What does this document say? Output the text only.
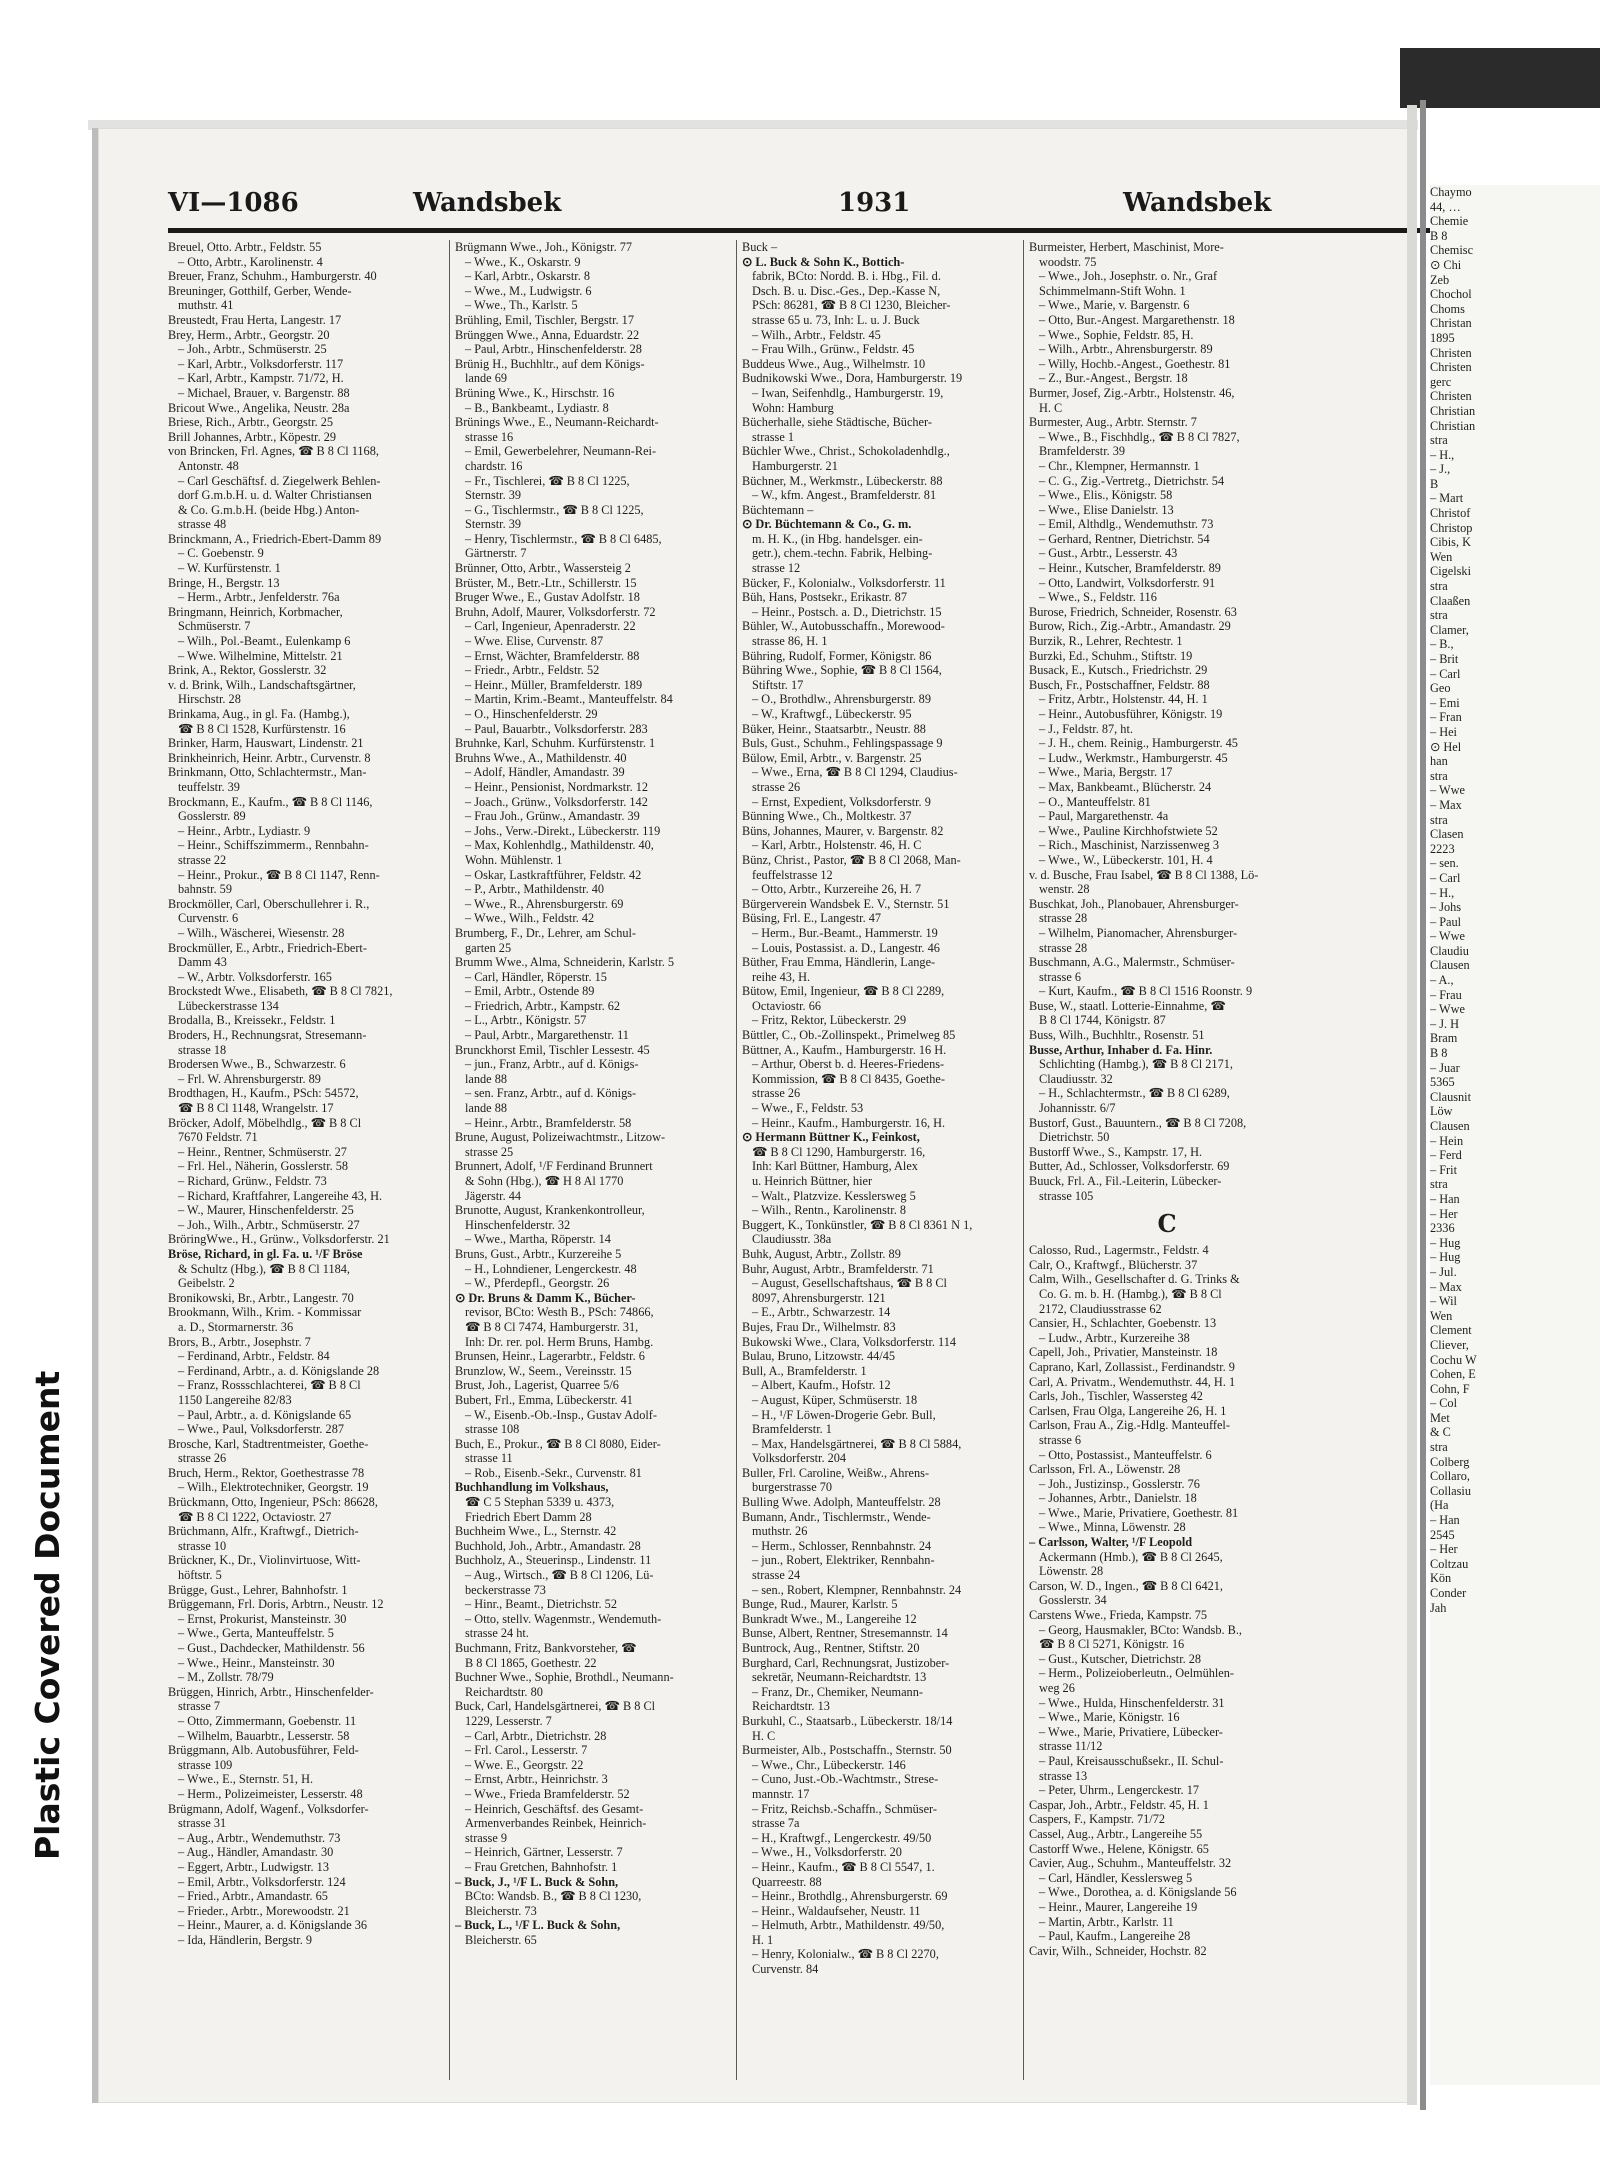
Plastic Covered Document
VI—1086	Wandsbek	1931	Wandsbek
Breuel, Otto. Arbtr., Feldstr. 55
– Otto, Arbtr., Karolinenstr. 4
Breuer, Franz, Schuhm., Hamburgerstr. 40
Breuninger, Gotthilf, Gerber, Wende-
muthstr. 41
Breustedt, Frau Herta, Langestr. 17
Brey, Herm., Arbtr., Georgstr. 20
– Joh., Arbtr., Schmüserstr. 25
– Karl, Arbtr., Volksdorferstr. 117
– Karl, Arbtr., Kampstr. 71/72, H.
– Michael, Brauer, v. Bargenstr. 88
Bricout Wwe., Angelika, Neustr. 28a
Briese, Rich., Arbtr., Georgstr. 25
Brill Johannes, Arbtr., Köpestr. 29
von Brincken, Frl. Agnes, ☎ B 8 Cl 1168,
Antonstr. 48
– Carl Geschäftsf. d. Ziegelwerk Behlen-
dorf G.m.b.H. u. d. Walter Christiansen
& Co. G.m.b.H. (beide Hbg.) Anton-
strasse 48
Brinckmann, A., Friedrich-Ebert-Damm 89
– C. Goebenstr. 9
– W. Kurfürstenstr. 1
Bringe, H., Bergstr. 13
– Herm., Arbtr., Jenfelderstr. 76a
Bringmann, Heinrich, Korbmacher,
Schmüserstr. 7
– Wilh., Pol.-Beamt., Eulenkamp 6
– Wwe. Wilhelmine, Mittelstr. 21
Brink, A., Rektor, Gosslerstr. 32
v. d. Brink, Wilh., Landschaftsgärtner,
Hirschstr. 28
Brinkama, Aug., in gl. Fa. (Hambg.),
☎ B 8 Cl 1528, Kurfürstenstr. 16
Brinker, Harm, Hauswart, Lindenstr. 21
Brinkheinrich, Heinr. Arbtr., Curvenstr. 8
Brinkmann, Otto, Schlachtermstr., Man-
teuffelstr. 39
Brockmann, E., Kaufm., ☎ B 8 Cl 1146,
Gosslerstr. 89
– Heinr., Arbtr., Lydiastr. 9
– Heinr., Schiffszimmerm., Rennbahn-
strasse 22
– Heinr., Prokur., ☎ B 8 Cl 1147, Renn-
bahnstr. 59
Brockmöller, Carl, Oberschullehrer i. R.,
Curvenstr. 6
– Wilh., Wäscherei, Wiesenstr. 28
Brockmüller, E., Arbtr., Friedrich-Ebert-
Damm 43
– W., Arbtr. Volksdorferstr. 165
Brockstedt Wwe., Elisabeth, ☎ B 8 Cl 7821,
Lübeckerstrasse 134
Brodalla, B., Kreissekr., Feldstr. 1
Broders, H., Rechnungsrat, Stresemann-
strasse 18
Brodersen Wwe., B., Schwarzestr. 6
– Frl. W. Ahrensburgerstr. 89
Brodthagen, H., Kaufm., PSch: 54572,
☎ B 8 Cl 1148, Wrangelstr. 17
Bröcker, Adolf, Möbelhdlg., ☎ B 8 Cl
7670 Feldstr. 71
– Heinr., Rentner, Schmüserstr. 27
– Frl. Hel., Näherin, Gosslerstr. 58
– Richard, Grünw., Feldstr. 73
– Richard, Kraftfahrer, Langereihe 43, H.
– W., Maurer, Hinschenfelderstr. 25
– Joh., Wilh., Arbtr., Schmüserstr. 27
BröringWwe., H., Grünw., Volksdorferstr. 21
Bröse, Richard, in gl. Fa. u. ¹/F Bröse
& Schultz (Hbg.), ☎ B 8 Cl 1184,
Geibelstr. 2
Bronikowski, Br., Arbtr., Langestr. 70
Brookmann, Wilh., Krim. - Kommissar
a. D., Stormarnerstr. 36
Brors, B., Arbtr., Josephstr. 7
– Ferdinand, Arbtr., Feldstr. 84
– Ferdinand, Arbtr., a. d. Königslande 28
– Franz, Rossschlachterei, ☎ B 8 Cl
1150 Langereihe 82/83
– Paul, Arbtr., a. d. Königslande 65
– Wwe., Paul, Volksdorferstr. 287
Brosche, Karl, Stadtrentmeister, Goethe-
strasse 26
Bruch, Herm., Rektor, Goethestrasse 78
– Wilh., Elektrotechniker, Georgstr. 19
Brückmann, Otto, Ingenieur, PSch: 86628,
☎ B 8 Cl 1222, Octaviostr. 27
Brüchmann, Alfr., Kraftwgf., Dietrich-
strasse 10
Brückner, K., Dr., Violinvirtuose, Witt-
höftstr. 5
Brügge, Gust., Lehrer, Bahnhofstr. 1
Brüggemann, Frl. Doris, Arbtrn., Neustr. 12
– Ernst, Prokurist, Mansteinstr. 30
– Wwe., Gerta, Manteuffelstr. 5
– Gust., Dachdecker, Mathildenstr. 56
– Wwe., Heinr., Mansteinstr. 30
– M., Zollstr. 78/79
Brüggen, Hinrich, Arbtr., Hinschenfelder-
strasse 7
– Otto, Zimmermann, Goebenstr. 11
– Wilhelm, Bauarbtr., Lesserstr. 58
Brüggmann, Alb. Autobusführer, Feld-
strasse 109
– Wwe., E., Sternstr. 51, H.
– Herm., Polizeimeister, Lesserstr. 48
Brügmann, Adolf, Wagenf., Volksdorfer-
strasse 31
– Aug., Arbtr., Wendemuthstr. 73
– Aug., Händler, Amandastr. 30
– Eggert, Arbtr., Ludwigstr. 13
– Emil, Arbtr., Volksdorferstr. 124
– Fried., Arbtr., Amandastr. 65
– Frieder., Arbtr., Morewoodstr. 21
– Heinr., Maurer, a. d. Königslande 36
– Ida, Händlerin, Bergstr. 9
Brügmann Wwe., Joh., Königstr. 77
– Wwe., K., Oskarstr. 9
– Karl, Arbtr., Oskarstr. 8
– Wwe., M., Ludwigstr. 6
– Wwe., Th., Karlstr. 5
Brühling, Emil, Tischler, Bergstr. 17
Brünggen Wwe., Anna, Eduardstr. 22
– Paul, Arbtr., Hinschenfelderstr. 28
Brünig H., Buchhltr., auf dem Königs-
lande 69
Brüning Wwe., K., Hirschstr. 16
– B., Bankbeamt., Lydiastr. 8
Brünings Wwe., E., Neumann-Reichardt-
strasse 16
– Emil, Gewerbelehrer, Neumann-Rei-
chardstr. 16
– Fr., Tischlerei, ☎ B 8 Cl 1225,
Sternstr. 39
– G., Tischlermstr., ☎ B 8 Cl 1225,
Sternstr. 39
– Henry, Tischlermstr., ☎ B 8 Cl 6485,
Gärtnerstr. 7
Brünner, Otto, Arbtr., Wassersteig 2
Brüster, M., Betr.-Ltr., Schillerstr. 15
Bruger Wwe., E., Gustav Adolfstr. 18
Bruhn, Adolf, Maurer, Volksdorferstr. 72
– Carl, Ingenieur, Apenraderstr. 22
– Wwe. Elise, Curvenstr. 87
– Ernst, Wächter, Bramfelderstr. 88
– Friedr., Arbtr., Feldstr. 52
– Heinr., Müller, Bramfelderstr. 189
– Martin, Krim.-Beamt., Manteuffelstr. 84
– O., Hinschenfelderstr. 29
– Paul, Bauarbtr., Volksdorferstr. 283
Bruhnke, Karl, Schuhm. Kurfürstenstr. 1
Bruhns Wwe., A., Mathildenstr. 40
– Adolf, Händler, Amandastr. 39
– Heinr., Pensionist, Nordmarkstr. 12
– Joach., Grünw., Volksdorferstr. 142
– Frau Joh., Grünw., Amandastr. 39
– Johs., Verw.-Direkt., Lübeckerstr. 119
– Max, Kohlenhdlg., Mathildenstr. 40,
Wohn. Mühlenstr. 1
– Oskar, Lastkraftführer, Feldstr. 42
– P., Arbtr., Mathildenstr. 40
– Wwe., R., Ahrensburgerstr. 69
– Wwe., Wilh., Feldstr. 42
Brumberg, F., Dr., Lehrer, am Schul-
garten 25
Brumm Wwe., Alma, Schneiderin, Karlstr. 5
– Carl, Händler, Röperstr. 15
– Emil, Arbtr., Ostende 89
– Friedrich, Arbtr., Kampstr. 62
– L., Arbtr., Königstr. 57
– Paul, Arbtr., Margarethenstr. 11
Brunckhorst Emil, Tischler Lessestr. 45
– jun., Franz, Arbtr., auf d. Königs-
lande 88
– sen. Franz, Arbtr., auf d. Königs-
lande 88
– Heinr., Arbtr., Bramfelderstr. 58
Brune, August, Polizeiwachtmstr., Litzow-
strasse 25
Brunnert, Adolf, ¹/F Ferdinand Brunnert
& Sohn (Hbg.), ☎ H 8 Al 1770
Jägerstr. 44
Brunotte, August, Krankenkontrolleur,
Hinschenfelderstr. 32
– Wwe., Martha, Röperstr. 14
Bruns, Gust., Arbtr., Kurzereihe 5
– H., Lohndiener, Lengerckestr. 48
– W., Pferdepfl., Georgstr. 26
⊙ Dr. Bruns & Damm K., Bücher-
revisor, BCto: Westh B., PSch: 74866,
☎ B 8 Cl 7474, Hamburgerstr. 31,
Inh: Dr. rer. pol. Herm Bruns, Hambg.
Brunsen, Heinr., Lagerarbtr., Feldstr. 6
Brunzlow, W., Seem., Vereinsstr. 15
Brust, Joh., Lagerist, Quarree 5/6
Bubert, Frl., Emma, Lübeckerstr. 41
– W., Eisenb.-Ob.-Insp., Gustav Adolf-
strasse 108
Buch, E., Prokur., ☎ B 8 Cl 8080, Eider-
strasse 11
– Rob., Eisenb.-Sekr., Curvenstr. 81
Buchhandlung im Volkshaus,
☎ C 5 Stephan 5339 u. 4373,
Friedrich Ebert Damm 28
Buchheim Wwe., L., Sternstr. 42
Buchhold, Joh., Arbtr., Amandastr. 28
Buchholz, A., Steuerinsp., Lindenstr. 11
– Aug., Wirtsch., ☎ B 8 Cl 1206, Lü-
beckerstrasse 73
– Hinr., Beamt., Dietrichstr. 52
– Otto, stellv. Wagenmstr., Wendemuth-
strasse 24 ht.
Buchmann, Fritz, Bankvorsteher, ☎
B 8 Cl 1865, Goethestr. 22
Buchner Wwe., Sophie, Brothdl., Neumann-
Reichardtstr. 80
Buck, Carl, Handelsgärtnerei, ☎ B 8 Cl
1229, Lesserstr. 7
– Carl, Arbtr., Dietrichstr. 28
– Frl. Carol., Lesserstr. 7
– Wwe. E., Georgstr. 22
– Ernst, Arbtr., Heinrichstr. 3
– Wwe., Frieda Bramfelderstr. 52
– Heinrich, Geschäftsf. des Gesamt-
Armenverbandes Reinbek, Heinrich-
strasse 9
– Heinrich, Gärtner, Lesserstr. 7
– Frau Gretchen, Bahnhofstr. 1
– Buck, J., ¹/F L. Buck & Sohn,
BCto: Wandsb. B., ☎ B 8 Cl 1230,
Bleicherstr. 73
– Buck, L., ¹/F L. Buck & Sohn,
Bleicherstr. 65
Buck –
⊙ L. Buck & Sohn K., Bottich-
fabrik, BCto: Nordd. B. i. Hbg., Fil. d.
Dsch. B. u. Disc.-Ges., Dep.-Kasse N,
PSch: 86281, ☎ B 8 Cl 1230, Bleicher-
strasse 65 u. 73, Inh: L. u. J. Buck
– Wilh., Arbtr., Feldstr. 45
– Frau Wilh., Grünw., Feldstr. 45
Buddeus Wwe., Aug., Wilhelmstr. 10
Budnikowski Wwe., Dora, Hamburgerstr. 19
– Iwan, Seifenhdlg., Hamburgerstr. 19,
Wohn: Hamburg
Bücherhalle, siehe Städtische, Bücher-
strasse 1
Büchler Wwe., Christ., Schokoladenhdlg.,
Hamburgerstr. 21
Büchner, M., Werkmstr., Lübeckerstr. 88
– W., kfm. Angest., Bramfelderstr. 81
Büchtemann –
⊙ Dr. Büchtemann & Co., G. m.
m. H. K., (in Hbg. handelsger. ein-
getr.), chem.-techn. Fabrik, Helbing-
strasse 12
Bücker, F., Kolonialw., Volksdorferstr. 11
Büh, Hans, Postsekr., Erikastr. 87
– Heinr., Postsch. a. D., Dietrichstr. 15
Bühler, W., Autobusschaffn., Morewood-
strasse 86, H. 1
Bühring, Rudolf, Former, Königstr. 86
Bühring Wwe., Sophie, ☎ B 8 Cl 1564,
Stiftstr. 17
– O., Brothdlw., Ahrensburgerstr. 89
– W., Kraftwgf., Lübeckerstr. 95
Büker, Heinr., Staatsarbtr., Neustr. 88
Buls, Gust., Schuhm., Fehlingspassage 9
Bülow, Emil, Arbtr., v. Bargenstr. 25
– Wwe., Erna, ☎ B 8 Cl 1294, Claudius-
strasse 26
– Ernst, Expedient, Volksdorferstr. 9
Bünning Wwe., Ch., Moltkestr. 37
Büns, Johannes, Maurer, v. Bargenstr. 82
– Karl, Arbtr., Holstenstr. 46, H. C
Bünz, Christ., Pastor, ☎ B 8 Cl 2068, Man-
feuffelstrasse 12
– Otto, Arbtr., Kurzereihe 26, H. 7
Bürgerverein Wandsbek E. V., Sternstr. 51
Büsing, Frl. E., Langestr. 47
– Herm., Bur.-Beamt., Hammerstr. 19
– Louis, Postassist. a. D., Langestr. 46
Büther, Frau Emma, Händlerin, Lange-
reihe 43, H.
Bütow, Emil, Ingenieur, ☎ B 8 Cl 2289,
Octaviostr. 66
– Fritz, Rektor, Lübeckerstr. 29
Büttler, C., Ob.-Zollinspekt., Primelweg 85
Büttner, A., Kaufm., Hamburgerstr. 16 H.
– Arthur, Oberst b. d. Heeres-Friedens-
Kommission, ☎ B 8 Cl 8435, Goethe-
strasse 26
– Wwe., F., Feldstr. 53
– Heinr., Kaufm., Hamburgerstr. 16, H.
⊙ Hermann Büttner K., Feinkost,
☎ B 8 Cl 1290, Hamburgerstr. 16,
Inh: Karl Büttner, Hamburg, Alex
u. Heinrich Büttner, hier
– Walt., Platzvize. Kesslersweg 5
– Wilh., Rentn., Karolinenstr. 8
Buggert, K., Tonkünstler, ☎ B 8 Cl 8361 N 1,
Claudiusstr. 38a
Buhk, August, Arbtr., Zollstr. 89
Buhr, August, Arbtr., Bramfelderstr. 71
– August, Gesellschaftshaus, ☎ B 8 Cl
8097, Ahrensburgerstr. 121
– E., Arbtr., Schwarzestr. 14
Bujes, Frau Dr., Wilhelmstr. 83
Bukowski Wwe., Clara, Volksdorferstr. 114
Bulau, Bruno, Litzowstr. 44/45
Bull, A., Bramfelderstr. 1
– Albert, Kaufm., Hofstr. 12
– August, Küper, Schmüserstr. 18
– H., ¹/F Löwen-Drogerie Gebr. Bull,
Bramfelderstr. 1
– Max, Handelsgärtnerei, ☎ B 8 Cl 5884,
Volksdorferstr. 204
Buller, Frl. Caroline, Weißw., Ahrens-
burgerstrasse 70
Bulling Wwe. Adolph, Manteuffelstr. 28
Bumann, Andr., Tischlermstr., Wende-
muthstr. 26
– Herm., Schlosser, Rennbahnstr. 24
– jun., Robert, Elektriker, Rennbahn-
strasse 24
– sen., Robert, Klempner, Rennbahnstr. 24
Bunge, Rud., Maurer, Karlstr. 5
Bunkradt Wwe., M., Langereihe 12
Bunse, Albert, Rentner, Stresemannstr. 14
Buntrock, Aug., Rentner, Stiftstr. 20
Burghard, Carl, Rechnungsrat, Justizober-
sekretär, Neumann-Reichardtstr. 13
– Franz, Dr., Chemiker, Neumann-
Reichardtstr. 13
Burkuhl, C., Staatsarb., Lübeckerstr. 18/14
H. C
Burmeister, Alb., Postschaffn., Sternstr. 50
– Wwe., Chr., Lübeckerstr. 146
– Cuno, Just.-Ob.-Wachtmstr., Strese-
mannstr. 17
– Fritz, Reichsb.-Schaffn., Schmüser-
strasse 7a
– H., Kraftwgf., Lengerckestr. 49/50
– Wwe., H., Volksdorferstr. 20
– Heinr., Kaufm., ☎ B 8 Cl 5547, 1.
Quarreestr. 88
– Heinr., Brothdlg., Ahrensburgerstr. 69
– Heinr., Waldaufseher, Neustr. 11
– Helmuth, Arbtr., Mathildenstr. 49/50,
H. 1
– Henry, Kolonialw., ☎ B 8 Cl 2270,
Curvenstr. 84
Burmeister, Herbert, Maschinist, More-
woodstr. 75
– Wwe., Joh., Josephstr. o. Nr., Graf
Schimmelmann-Stift Wohn. 1
– Wwe., Marie, v. Bargenstr. 6
– Otto, Bur.-Angest. Margarethenstr. 18
– Wwe., Sophie, Feldstr. 85, H.
– Wilh., Arbtr., Ahrensburgerstr. 89
– Willy, Hochb.-Angest., Goethestr. 81
– Z., Bur.-Angest., Bergstr. 18
Burmer, Josef, Zig.-Arbtr., Holstenstr. 46,
H. C
Burmester, Aug., Arbtr. Sternstr. 7
– Wwe., B., Fischhdlg., ☎ B 8 Cl 7827,
Bramfelderstr. 39
– Chr., Klempner, Hermannstr. 1
– C. G., Zig.-Vertretg., Dietrichstr. 54
– Wwe., Elis., Königstr. 58
– Wwe., Elise Danielstr. 13
– Emil, Althdlg., Wendemuthstr. 73
– Gerhard, Rentner, Dietrichstr. 54
– Gust., Arbtr., Lesserstr. 43
– Heinr., Kutscher, Bramfelderstr. 89
– Otto, Landwirt, Volksdorferstr. 91
– Wwe., S., Feldstr. 116
Burose, Friedrich, Schneider, Rosenstr. 63
Burow, Rich., Zig.-Arbtr., Amandastr. 29
Burzik, R., Lehrer, Rechtestr. 1
Burzki, Ed., Schuhm., Stiftstr. 19
Busack, E., Kutsch., Friedrichstr. 29
Busch, Fr., Postschaffner, Feldstr. 88
– Fritz, Arbtr., Holstenstr. 44, H. 1
– Heinr., Autobusführer, Königstr. 19
– J., Feldstr. 87, ht.
– J. H., chem. Reinig., Hamburgerstr. 45
– Ludw., Werkmstr., Hamburgerstr. 45
– Wwe., Maria, Bergstr. 17
– Max, Bankbeamt., Blücherstr. 24
– O., Manteuffelstr. 81
– Paul, Margarethenstr. 4a
– Wwe., Pauline Kirchhofstwiete 52
– Rich., Maschinist, Narzissenweg 3
– Wwe., W., Lübeckerstr. 101, H. 4
v. d. Busche, Frau Isabel, ☎ B 8 Cl 1388, Lö-
wenstr. 28
Buschkat, Joh., Planobauer, Ahrensburger-
strasse 28
– Wilhelm, Pianomacher, Ahrensburger-
strasse 28
Buschmann, A.G., Malermstr., Schmüser-
strasse 6
– Kurt, Kaufm., ☎ B 8 Cl 1516 Roonstr. 9
Buse, W., staatl. Lotterie-Einnahme, ☎
B 8 Cl 1744, Königstr. 87
Buss, Wilh., Buchhltr., Rosenstr. 51
Busse, Arthur, Inhaber d. Fa. Hinr.
Schlichting (Hambg.), ☎ B 8 Cl 2171,
Claudiusstr. 32
– H., Schlachtermstr., ☎ B 8 Cl 6289,
Johannisstr. 6/7
Bustorf, Gust., Bauuntern., ☎ B 8 Cl 7208,
Dietrichstr. 50
Bustorff Wwe., S., Kampstr. 17, H.
Butter, Ad., Schlosser, Volksdorferstr. 69
Buuck, Frl. A., Fil.-Leiterin, Lübecker-
strasse 105
C
Calosso, Rud., Lagermstr., Feldstr. 4
Calr, O., Kraftwgf., Blücherstr. 37
Calm, Wilh., Gesellschafter d. G. Trinks &
Co. G. m. b. H. (Hambg.), ☎ B 8 Cl
2172, Claudiusstrasse 62
Cansier, H., Schlachter, Goebenstr. 13
– Ludw., Arbtr., Kurzereihe 38
Capell, Joh., Privatier, Mansteinstr. 18
Caprano, Karl, Zollassist., Ferdinandstr. 9
Carl, A. Privatm., Wendemuthstr. 44, H. 1
Carls, Joh., Tischler, Wassersteg 42
Carlsen, Frau Olga, Langereihe 26, H. 1
Carlson, Frau A., Zig.-Hdlg. Manteuffel-
strasse 6
– Otto, Postassist., Manteuffelstr. 6
Carlsson, Frl. A., Löwenstr. 28
– Joh., Justizinsp., Gosslerstr. 76
– Johannes, Arbtr., Danielstr. 18
– Wwe., Marie, Privatiere, Goethestr. 81
– Wwe., Minna, Löwenstr. 28
– Carlsson, Walter, ¹/F Leopold
Ackermann (Hmb.), ☎ B 8 Cl 2645,
Löwenstr. 28
Carson, W. D., Ingen., ☎ B 8 Cl 6421,
Gosslerstr. 34
Carstens Wwe., Frieda, Kampstr. 75
– Georg, Hausmakler, BCto: Wandsb. B.,
☎ B 8 Cl 5271, Königstr. 16
– Gust., Kutscher, Dietrichstr. 28
– Herm., Polizeioberleutn., Oelmühlen-
weg 26
– Wwe., Hulda, Hinschenfelderstr. 31
– Wwe., Marie, Königstr. 16
– Wwe., Marie, Privatiere, Lübecker-
strasse 11/12
– Paul, Kreisausschußsekr., II. Schul-
strasse 13
– Peter, Uhrm., Lengerckestr. 17
Caspar, Joh., Arbtr., Feldstr. 45, H. 1
Caspers, F., Kampstr. 71/72
Cassel, Aug., Arbtr., Langereihe 55
Castorff Wwe., Helene, Königstr. 65
Cavier, Aug., Schuhm., Manteuffelstr. 32
– Carl, Händler, Kesslersweg 5
– Wwe., Dorothea, a. d. Königslande 56
– Heinr., Maurer, Langereihe 19
– Martin, Arbtr., Karlstr. 11
– Paul, Kaufm., Langereihe 28
Cavir, Wilh., Schneider, Hochstr. 82
Chaymo
44, …
Chemie
B 8
Chemisc
⊙ Chi
Zeb
Chochol
Choms
Christan
1895
Christen
Christen
gerc
Christen
Christian
Christian
stra
– H.,
– J.,
B
– Mart
Christof
Christop
Cibis, K
Wen
Cigelski
stra
Claaßen
stra
Clamer,
– B.,
– Brit
– Carl
Geo
– Emi
– Fran
– Hei
⊙ Hel
han
stra
– Wwe
– Max
stra
Clasen
2223
– sen.
– Carl
– H.,
– Johs
– Paul
– Wwe
Claudiu
Clausen
– A.,
– Frau
– Wwe
– J. H
Bram
B 8
– Juar
5365
Clausnit
Löw
Clausen
– Hein
– Ferd
– Frit
stra
– Han
– Her
2336
– Hug
– Hug
– Jul.
– Max
– Wil
Wen
Clement
Cliever,
Cochu W
Cohen, E
Cohn, F
– Col
Met
& C
stra
Colberg
Collaro,
Collasiu
(Ha
– Han
2545
– Her
Coltzau
Kön
Conder
Jah
